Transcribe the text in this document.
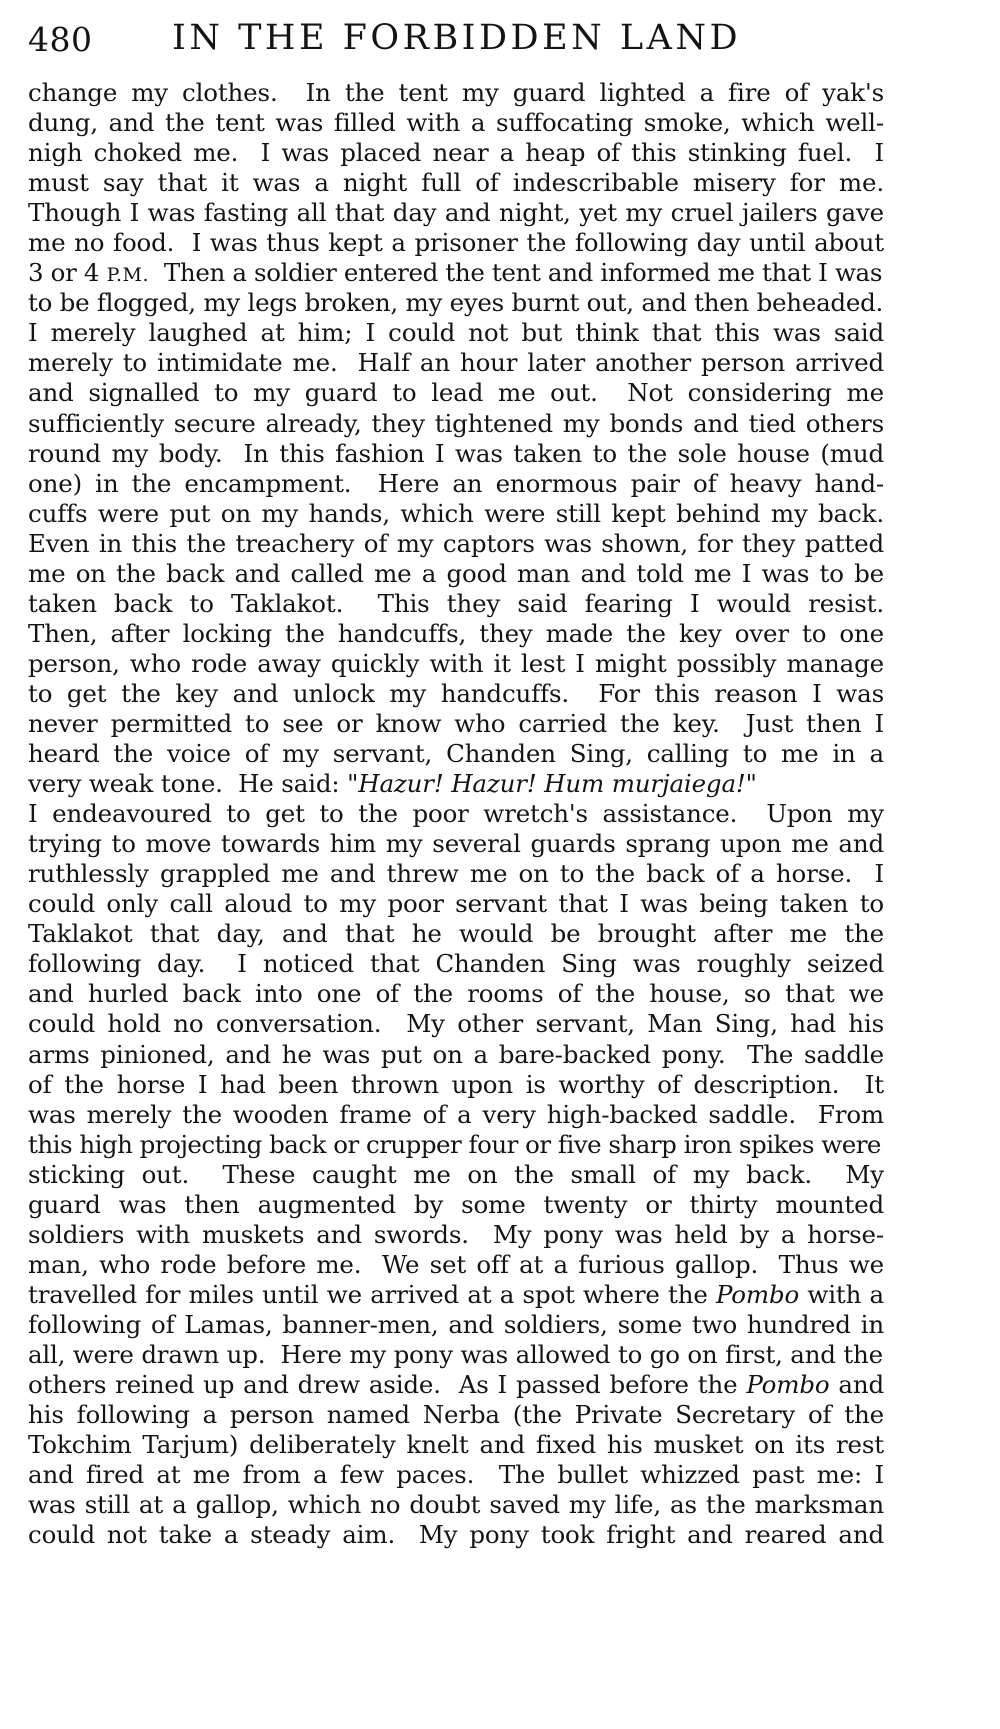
480 IN THE FORBIDDEN LAND
change my clothes.  In the tent my guard lighted a fire of yak's
dung, and the tent was filled with a suffocating smoke, which well-
nigh choked me.  I was placed near a heap of this stinking fuel.  I
must say that it was a night full of indescribable misery for me.
Though I was fasting all that day and night, yet my cruel jailers gave
me no food.  I was thus kept a prisoner the following day until about
3 or 4 P.M.  Then a soldier entered the tent and informed me that I was
to be flogged, my legs broken, my eyes burnt out, and then beheaded.
I merely laughed at him; I could not but think that this was said
merely to intimidate me.  Half an hour later another person arrived
and signalled to my guard to lead me out.  Not considering me
sufficiently secure already, they tightened my bonds and tied others
round my body.  In this fashion I was taken to the sole house (mud
one) in the encampment.  Here an enormous pair of heavy hand-
cuffs were put on my hands, which were still kept behind my back.
Even in this the treachery of my captors was shown, for they patted
me on the back and called me a good man and told me I was to be
taken back to Taklakot.  This they said fearing I would resist.
Then, after locking the handcuffs, they made the key over to one
person, who rode away quickly with it lest I might possibly manage
to get the key and unlock my handcuffs.  For this reason I was
never permitted to see or know who carried the key.  Just then I
heard the voice of my servant, Chanden Sing, calling to me in a
very weak tone.  He said: "Hazur! Hazur! Hum murjaiega!"
I endeavoured to get to the poor wretch's assistance.  Upon my
trying to move towards him my several guards sprang upon me and
ruthlessly grappled me and threw me on to the back of a horse.  I
could only call aloud to my poor servant that I was being taken to
Taklakot that day, and that he would be brought after me the
following day.  I noticed that Chanden Sing was roughly seized
and hurled back into one of the rooms of the house, so that we
could hold no conversation.  My other servant, Man Sing, had his
arms pinioned, and he was put on a bare-backed pony.  The saddle
of the horse I had been thrown upon is worthy of description.  It
was merely the wooden frame of a very high-backed saddle.  From
this high projecting back or crupper four or five sharp iron spikes were
sticking out.  These caught me on the small of my back.  My
guard was then augmented by some twenty or thirty mounted
soldiers with muskets and swords.  My pony was held by a horse-
man, who rode before me.  We set off at a furious gallop.  Thus we
travelled for miles until we arrived at a spot where the Pombo with a
following of Lamas, banner-men, and soldiers, some two hundred in
all, were drawn up.  Here my pony was allowed to go on first, and the
others reined up and drew aside.  As I passed before the Pombo and
his following a person named Nerba (the Private Secretary of the
Tokchim Tarjum) deliberately knelt and fixed his musket on its rest
and fired at me from a few paces.  The bullet whizzed past me: I
was still at a gallop, which no doubt saved my life, as the marksman
could not take a steady aim.  My pony took fright and reared and
